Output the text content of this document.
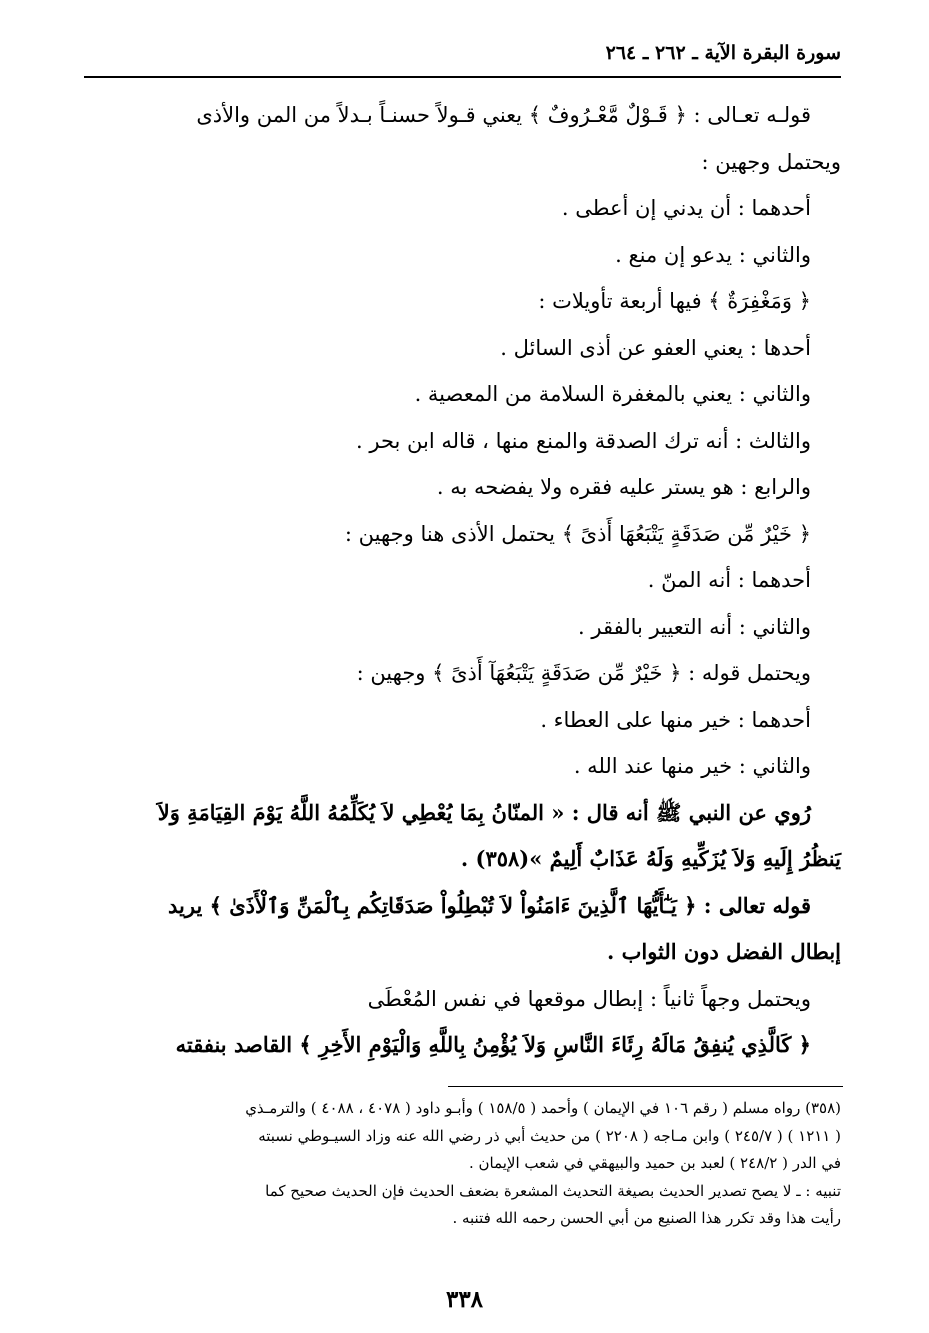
سورة البقرة الآية ـ ٢٦٢ ـ ٢٦٤
قولـه تعـالى : ﴿ قَـوْلٌ مَّعْـرُوفٌ ﴾ يعني قـولاً حسنـاً بـدلاً من المن والأذى
ويحتمل وجهين :
أحدهما : أن يدني إن أعطى .
والثاني : يدعو إن منع .
﴿ وَمَغْفِرَةٌ ﴾ فيها أربعة تأويلات :
أحدها : يعني العفو عن أذى السائل .
والثاني : يعني بالمغفرة السلامة من المعصية .
والثالث : أنه ترك الصدقة والمنع منها ، قاله ابن بحر .
والرابع : هو يستر عليه فقره ولا يفضحه به .
﴿ خَيْرٌ مِّن صَدَقَةٍ يَتْبَعُهَا أَذىً ﴾ يحتمل الأذى هنا وجهين :
أحدهما : أنه المنّ .
والثاني : أنه التعيير بالفقر .
ويحتمل قوله : ﴿ خَيْرٌ مِّن صَدَقَةٍ يَتْبَعُهَآ أَذىً ﴾ وجهين :
أحدهما : خير منها على العطاء .
والثاني : خير منها عند الله .
رُوي عن النبي ﷺ أنه قال : « المنّانُ بِمَا يُعْطِي لاَ يُكَلِّمُهُ اللَّهُ يَوْمَ القِيَامَةِ وَلاَ
يَنظُرُ إِلَيهِ وَلاَ يُزَكِّيهِ وَلَهُ عَذَابٌ أَلِيمٌ »(٣٥٨) .
قوله تعالى : ﴿ يَـٰٓأَيُّهَا ٱلَّذِينَ ءَامَنُواْ لاَ تُبْطِلُواْ صَدَقَاتِكُم بِٱلْمَنِّ وَٱلْأَذَىٰ ﴾ يريد
إبطال الفضل دون الثواب .
ويحتمل وجهاً ثانياً : إبطال موقعها في نفس المُعْطَى
﴿ كَالَّذِي يُنفِقُ مَالَهُ رِئَاءَ النَّاسِ وَلاَ يُؤْمِنُ بِاللَّهِ وَالْيَوْمِ الأَخِرِ ﴾ القاصد بنفقته
(٣٥٨) رواه مسلم ( رقم ١٠٦ في الإيمان ) وأحمد ( ١٥٨/٥ ) وأبـو داود ( ٤٠٧٨ ، ٤٠٨٨ ) والترمـذي
( ١٢١١ ) ( ٢٤٥/٧ ) وابن مـاجه ( ٢٢٠٨ ) من حديث أبي ذر رضي الله عنه وزاد السيـوطي نسبته
في الدر ( ٢٤٨/٢ ) لعبد بن حميد والبيهقي في شعب الإيمان .
تنبيه : ـ لا يصح تصدير الحديث بصيغة التحديث المشعرة بضعف الحديث فإن الحديث صحيح كما
رأيت هذا وقد تكرر هذا الصنيع من أبي الحسن رحمه الله فتنبه .
٣٣٨
